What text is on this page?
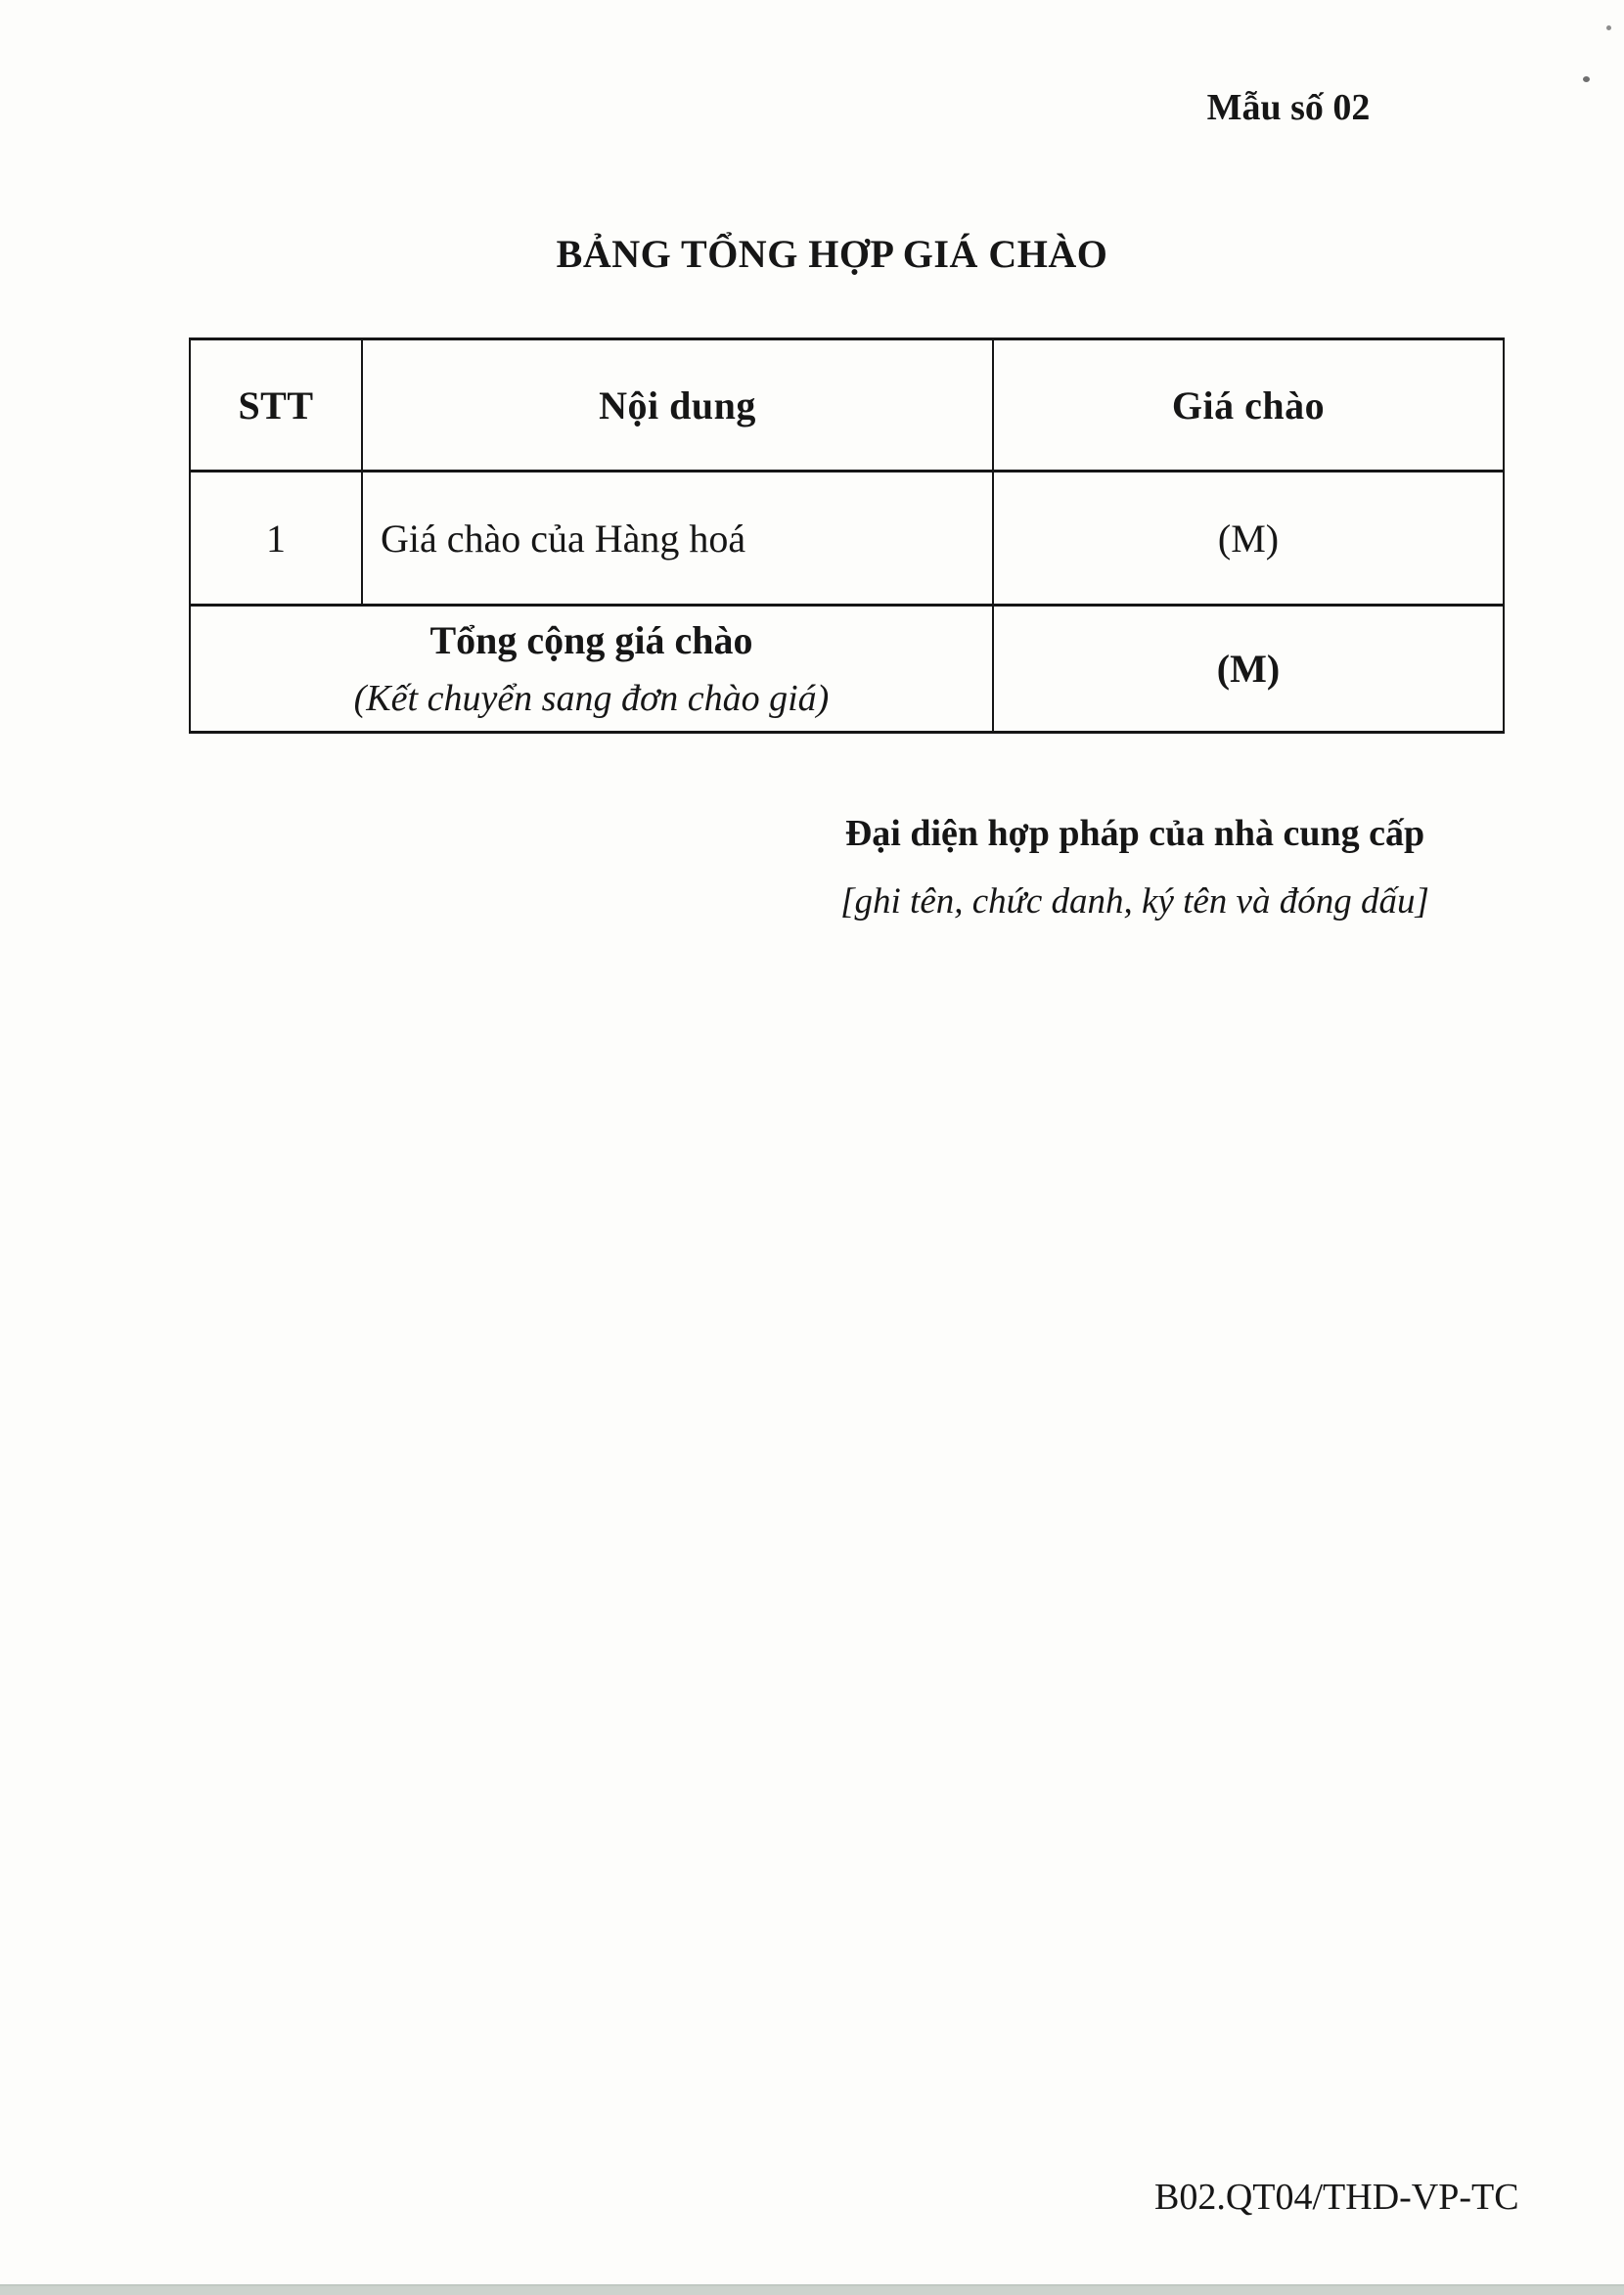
Mẫu số 02
BẢNG TỔNG HỢP GIÁ CHÀO
STT	Nội dung	Giá chào
1	Giá chào của Hàng hoá	(M)

Tổng cộng giá chào
(Kết chuyển sang đơn chào giá)		(M)
Đại diện hợp pháp của nhà cung cấp
[ghi tên, chức danh, ký tên và đóng dấu]
B02.QT04/THD-VP-TC
